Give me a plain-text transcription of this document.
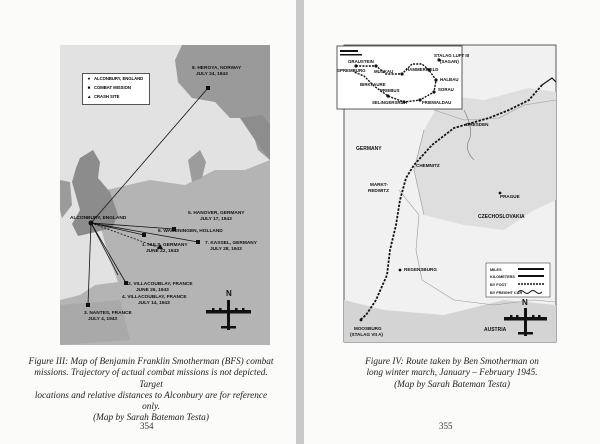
8. HEROYA, NORWAY
JULY 24, 1943
ALCONBURY, ENGLAND
5. HANOVER, GERMANY
JULY 17, 1943
6. WAGENINGEN, HOLLAND
1. HULS, GERMANY
JUNE 22, 1943
7. KASSEL, GERMANY
JULY 28, 1943
2. VILLACOUBLAY, FRANCE
JUNE 26, 1943
4. VILLACOUBLAY, FRANCE
JULY 14, 1943
3. NANTES, FRANCE
JULY 4, 1943
N
● ALCONBURY, ENGLAND
■ COMBAT MISSION
▲ CRASH SITE
Figure III: Map of Benjamin Franklin Smotherman (BFS) combat
missions. Trajectory of actual combat missions is not depicted. Target
locations and relative distances to Alconbury are for reference only.
(Map by Sarah Bateman Testa)
354
GRAUSTEIN
SPREMBURG MUSKAU
BIRKFAURE
PRIEBUS
SELINGERSRUH
HAMMERFIELD
HALBAU
STALAG LUFT III
(SAGAN)
SORAU
FRIEWALDAU
DRESDEN
CHEMNITZ
GERMANY
MARKT-
REDWITZ
PRAGUE
CZECHOSLOVAKIA
REGENSBURG
MOOSBURG
(STALAG VII A)
AUSTRIA
MILES
KILOMETERS
BY FOOT
BY FREIGHT CAR
N
Figure IV: Route taken by Ben Smotherman on
long winter march, January – February 1945.
(Map by Sarah Bateman Testa)
355
